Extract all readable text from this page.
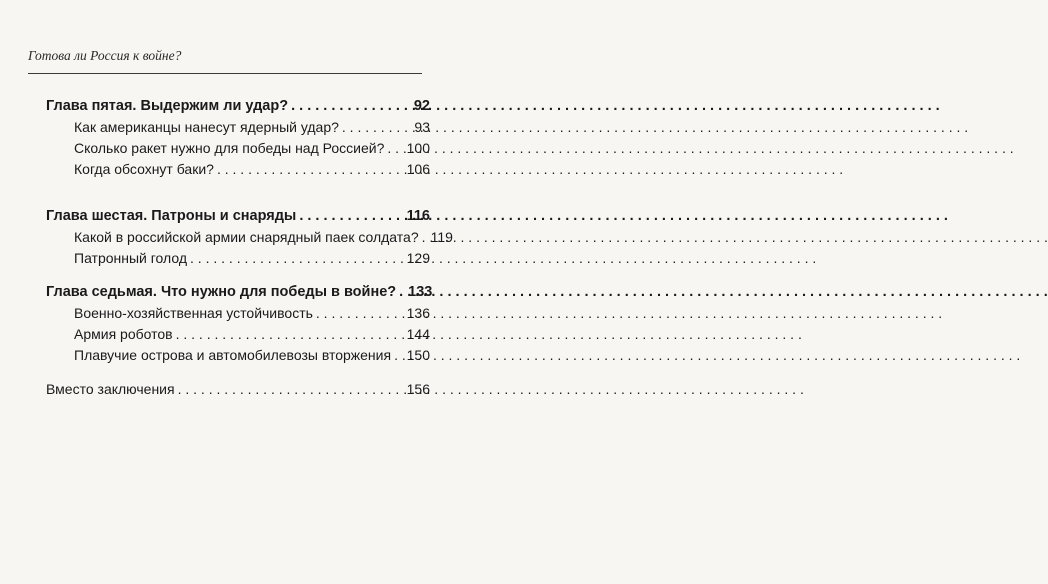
Готова ли Россия к войне?
Глава пятая. Выдержим ли удар? . . .	92
Как американцы нанесут ядерный удар? . . .	93
Сколько ракет нужно для победы над Россией? . . . 100
Когда обсохнут баки? . . .	106
Глава шестая. Патроны и снаряды . . .	116
Какой в российской армии снарядный паек солдата? . . . 119
Патронный голод . . .	129
Глава седьмая. Что нужно для победы в войне? . . . 133
Военно-хозяйственная устойчивость . . .	136
Армия роботов . . .	144
Плавучие острова и автомобилевозы вторжения . . . 150
Вместо заключения . . .	156
